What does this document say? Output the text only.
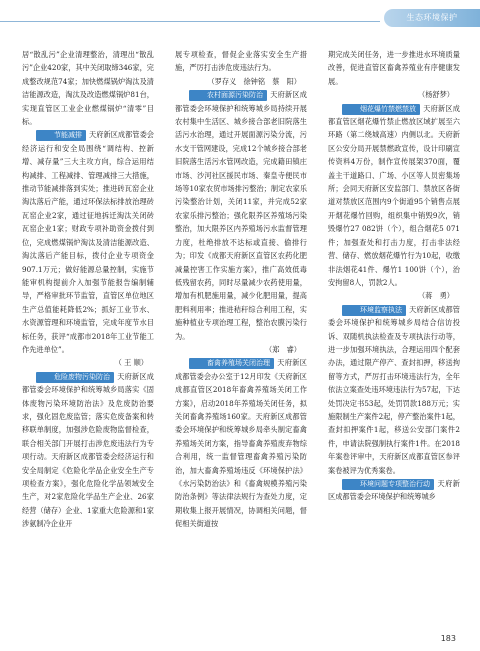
生态环境保护

居“散乱污”企业清理整治，清理出“散乱污”企业420家，其中关闭取缔346家，完成整改规范74家；加快燃煤锅炉淘汰及清洁能源改造，淘汰及改造燃煤锅炉81台，实现直管区工业企业燃煤锅炉“清零”目标。

节能减排 天府新区成都管委会经济运行和安全局围绕“调结构、控新增、减存量”三大主攻方向，综合运用结构减排、工程减排、管理减排三大措施，推动节能减排落到实处；推进砖瓦窑企业淘汰落后产能，通过环保法标排放治理砖瓦窑企业2家，通过征地拆迁淘汰关闭砖瓦窑企业1家；财政专项补助资金拨付到位，完成燃煤锅炉淘汰及清洁能源改造、淘汰落后产能目标，拨付企业专项资金907.1万元；做好能源总量控制，实施节能审机构提前介入加强节能报告编制辅导，严格审批环节监管，直管区单位地区生产总值能耗降低2%；抓好工业节水、水资源管理和环境监管，完成年度节水目标任务，获评“成都市2018年工业节能工作先进单位”。

（ 王 顺）

危险废物污染防治 天府新区成都管委会环境保护和统筹城乡局落实《固体废物污染环境防治法》及危废防治要求，强化固危废监管；落实危废备案和转移联单制度，加强涉危险废物监督检查，联合相关部门开展打击涉危废违法行为专项行动。天府新区成都管委会经济运行和安全局制定《危险化学品企业安全生产专项检查方案》，强化危险化学品领域安全生产，对2家危险化学品生产企业、26家经营（储存）企业、1家重大危险源和1家涉氨制冷企业开

展专项检查，督促企业落实安全生产措施，严厉打击涉危废违法行为。

（罗存义　徐钟铭　蔡　阳）

农村面源污染防治 天府新区成都管委会环境保护和统筹城乡局持续开展农村集中生活区、城乡接合部老旧院落生活污水治理，通过开展面源污染分流，污水支干管网建设，完成12个城乡接合部老旧院落生活污水管网改造，完成籍田镇庄市场、沙河社区援民市场、秦皇寺便民市场等10家农贸市场排污整治；制定农家乐污染整治计划，关闭11家，并完成52家农家乐排污整治；强化限养区养殖场污染整治，加大限养区内养殖场污水监督管理力度，杜绝排放不达标或直接、偷排行为；印发《成都天府新区直管区农药化肥减量控害工作实施方案》，推广高效低毒低残留农药，同时尽量减少农药使用量，增加有机肥施用量，减少化肥用量，提高肥料利用率；推进秸秆综合利用工程，实施种植业专项治理工程，整治农膜污染行为。

（郑　睿）

畜禽养殖场关闭治理 天府新区成都管委会办公室于12月印发《天府新区成都直管区2018年畜禽养殖场关闭工作方案》，启动2018年养殖场关闭任务，拟关闭畜禽养殖场160家。天府新区成都管委会环境保护和统筹城乡局牵头制定畜禽养殖场关闭方案，指导畜禽养殖废弃物综合利用，统一监督管理畜禽养殖污染防治，加大畜禽养殖场违反《环境保护法》《水污染防治法》和《畜禽规模养殖污染防治条例》等法律法规行为查处力度，定期收集上报开展情况，协调相关问题，督促相关街道按

期完成关闭任务，进一步推进水环境质量改善，促进直管区畜禽养殖业有序健康发展。

（杨舒梦）

烟花爆竹禁燃禁放 天府新区成都直管区烟花爆竹禁止燃放区域扩展至六环路（第二绕城高速）内侧以北。天府新区公安分局开展禁燃政宣传，设计印刷宣传资料4万份，制作宣传展架370面，覆盖主干道路口、广场、小区等人员密集场所；会同天府新区安监部门、禁放区各街道对禁放区范围内9个街道95个销售点展开烟花爆竹回购，组织集中销毁9次，销毁爆竹27 082饼（个），组合烟花5 071件；加强查处和打击力度，打击非法经营、储存、燃放烟花爆竹行为10起，收缴非法烟花41件、爆竹1 100饼（个），治安拘留8人，罚款2人。

（蒋　勇）

环境监察执法 天府新区成都管委会环境保护和统筹城乡局结合信访投诉、双随机执法检查及专项执法行动等，进一步加强环境执法，合理运用四个配套办法，通过限产停产、查封扣押，移送拘留等方式，严厉打击环境违法行为，全年依法立案查处违环境违法行为57起，下达处罚决定书53起，处罚罚款188万元；实施限制生产案件2起，停产整治案件1起，查封扣押案件1起，移送公安部门案件2件，申请法院强制执行案件1件。在2018年案卷评审中，天府新区成都直管区参评案卷被评为优秀案卷。

环境问题专项整治行动 天府新区成都管委会环境保护和统筹城乡

183
